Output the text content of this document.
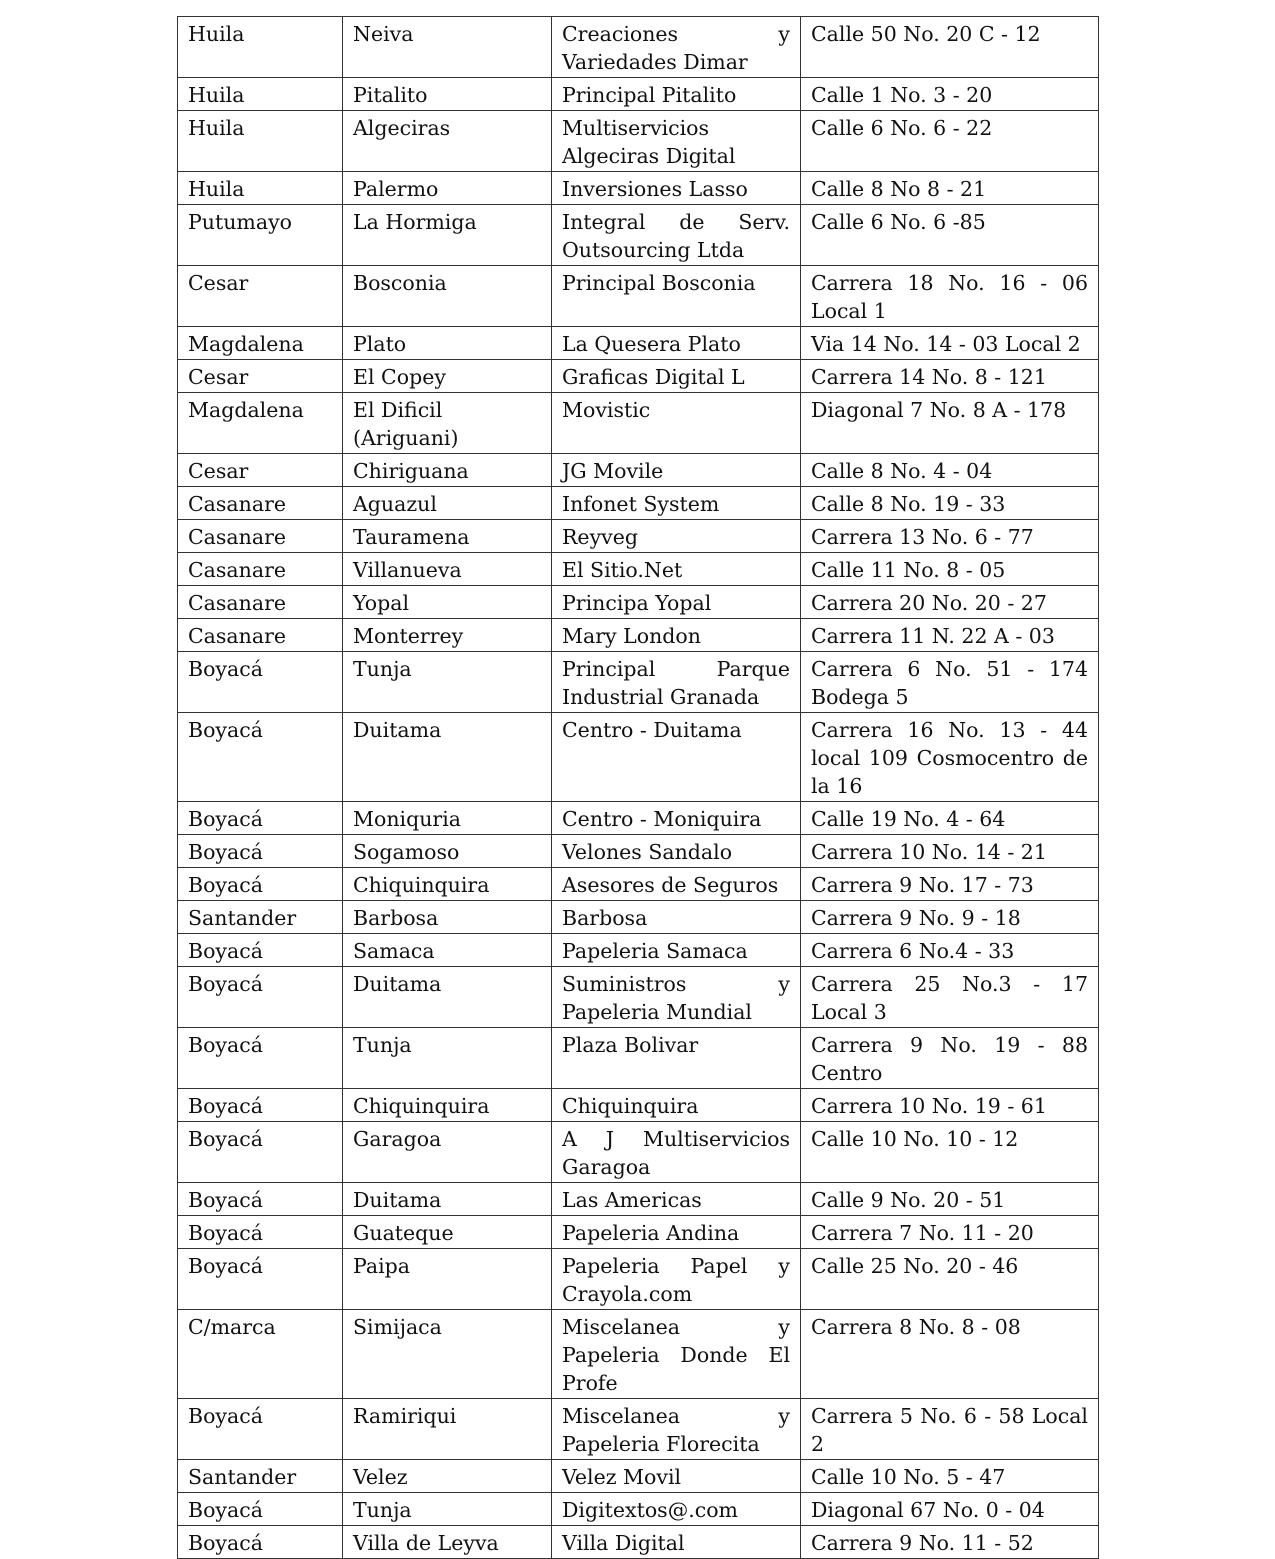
Huila	Neiva	Creaciones y Variedades Dimar	Calle 50 No. 20 C - 12
Huila	Pitalito	Principal Pitalito	Calle 1 No. 3 - 20
Huila	Algeciras	Multiservicios Algeciras Digital	Calle 6 No. 6 - 22
Huila	Palermo	Inversiones Lasso	Calle 8 No 8 - 21
Putumayo	La Hormiga	Integral de Serv. Outsourcing Ltda	Calle 6 No. 6 -85
Cesar	Bosconia	Principal Bosconia	Carrera 18 No. 16 - 06 Local 1
Magdalena	Plato	La Quesera Plato	Via 14 No. 14 - 03 Local 2
Cesar	El Copey	Graficas Digital L	Carrera 14 No. 8 - 121
Magdalena	El Dificil (Ariguani)	Movistic	Diagonal 7 No. 8 A - 178
Cesar	Chiriguana	JG Movile	Calle 8 No. 4 - 04
Casanare	Aguazul	Infonet System	Calle 8 No. 19 - 33
Casanare	Tauramena	Reyveg	Carrera 13 No. 6 - 77
Casanare	Villanueva	El Sitio.Net	Calle 11 No. 8 - 05
Casanare	Yopal	Principa Yopal	Carrera 20 No. 20 - 27
Casanare	Monterrey	Mary London	Carrera 11 N. 22 A - 03
Boyacá	Tunja	Principal Parque Industrial Granada	Carrera 6 No. 51 - 174 Bodega 5
Boyacá	Duitama	Centro - Duitama	Carrera 16 No. 13 - 44 local 109 Cosmocentro de la 16
Boyacá	Moniquria	Centro - Moniquira	Calle 19 No. 4 - 64
Boyacá	Sogamoso	Velones Sandalo	Carrera 10 No. 14 - 21
Boyacá	Chiquinquira	Asesores de Seguros	Carrera 9 No. 17 - 73
Santander	Barbosa	Barbosa	Carrera 9 No. 9 - 18
Boyacá	Samaca	Papeleria Samaca	Carrera 6 No.4 - 33
Boyacá	Duitama	Suministros y Papeleria Mundial	Carrera 25 No.3 - 17 Local 3
Boyacá	Tunja	Plaza Bolivar	Carrera 9 No. 19 - 88 Centro
Boyacá	Chiquinquira	Chiquinquira	Carrera 10 No. 19 - 61
Boyacá	Garagoa	A J Multiservicios Garagoa	Calle 10 No. 10 - 12
Boyacá	Duitama	Las Americas	Calle 9 No. 20 - 51
Boyacá	Guateque	Papeleria Andina	Carrera 7 No. 11 - 20
Boyacá	Paipa	Papeleria Papel y Crayola.com	Calle 25 No. 20 - 46
C/marca	Simijaca	Miscelanea y Papeleria Donde El Profe	Carrera 8 No. 8 - 08
Boyacá	Ramiriqui	Miscelanea y Papeleria Florecita	Carrera 5 No. 6 - 58 Local 2
Santander	Velez	Velez Movil	Calle 10 No. 5 - 47
Boyacá	Tunja	Digitextos@.com	Diagonal 67 No. 0 - 04
Boyacá	Villa de Leyva	Villa Digital	Carrera 9 No. 11 - 52
